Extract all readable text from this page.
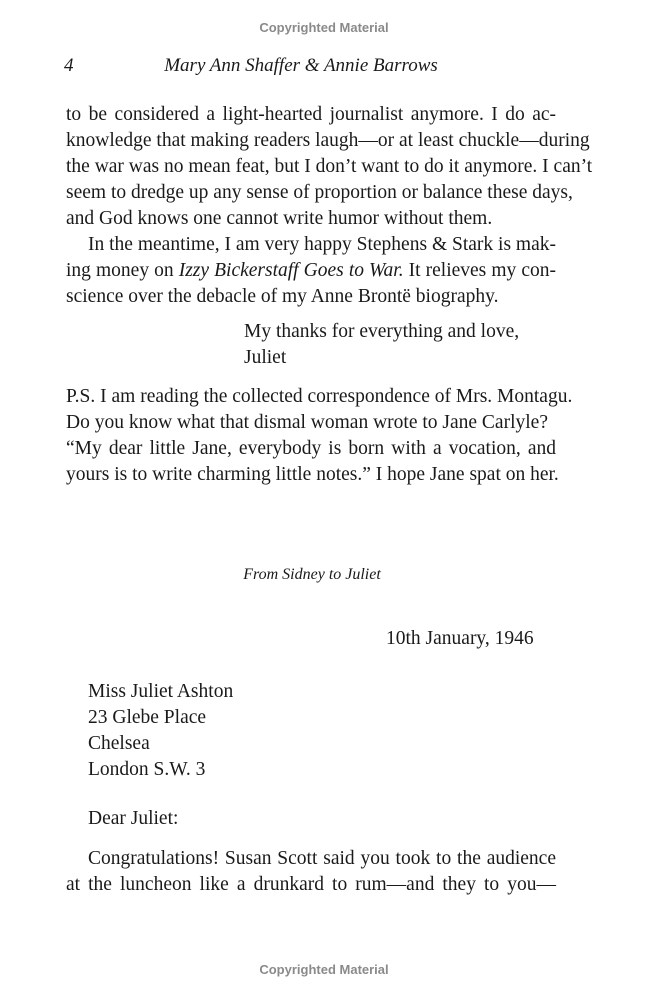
Copyrighted Material
4	Mary Ann Shaffer & Annie Barrows
to be considered a light-hearted journalist anymore. I do ac-
knowledge that making readers laugh—or at least chuckle—during
the war was no mean feat, but I don’t want to do it anymore. I can’t
seem to dredge up any sense of proportion or balance these days,
and God knows one cannot write humor without them.
In the meantime, I am very happy Stephens & Stark is mak-
ing money on Izzy Bickerstaff Goes to War. It relieves my con-
science over the debacle of my Anne Brontë biography.
My thanks for everything and love,
Juliet
P.S. I am reading the collected correspondence of Mrs. Montagu.
Do you know what that dismal woman wrote to Jane Carlyle?
“My dear little Jane, everybody is born with a vocation, and
yours is to write charming little notes.” I hope Jane spat on her.
From Sidney to Juliet
10th January, 1946
Miss Juliet Ashton
23 Glebe Place
Chelsea
London S.W. 3
Dear Juliet:
Congratulations! Susan Scott said you took to the audience
at the luncheon like a drunkard to rum—and they to you—
Copyrighted Material
